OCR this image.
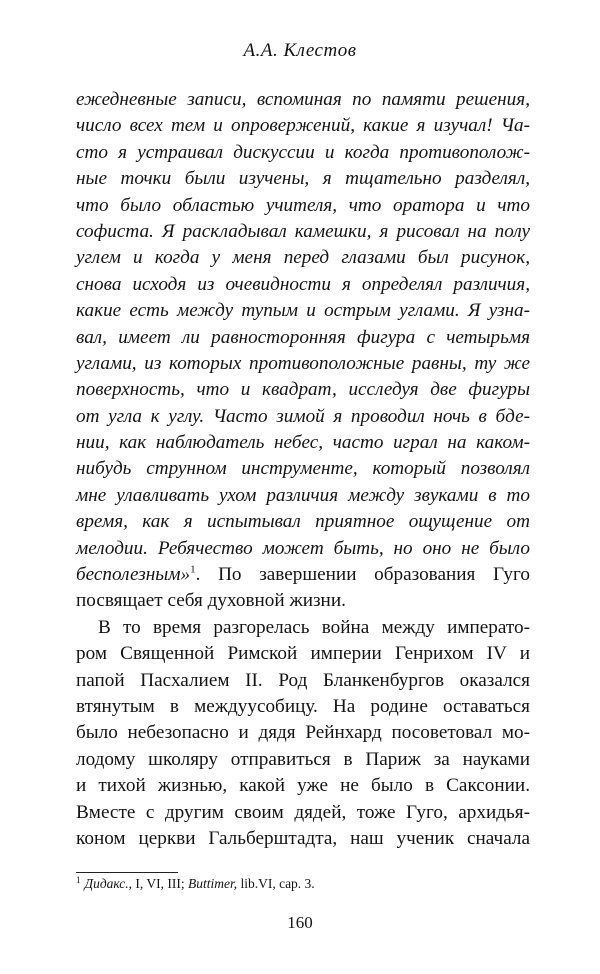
А.А. Клестов
ежедневные записи, вспоминая по памяти решения,
число всех тем и опровержений, какие я изучал! Ча-
сто я устраивал дискуссии и когда противополож-
ные точки были изучены, я тщательно разделял,
что было областью учителя, что оратора и что
софиста. Я раскладывал камешки, я рисовал на полу
углем и когда у меня перед глазами был рисунок,
снова исходя из очевидности я определял различия,
какие есть между тупым и острым углами. Я узна-
вал, имеет ли равносторонняя фигура с четырьмя
углами, из которых противоположные равны, ту же
поверхность, что и квадрат, исследуя две фигуры
от угла к углу. Часто зимой я проводил ночь в бде-
нии, как наблюдатель небес, часто играл на каком-
нибудь струнном инструменте, который позволял
мне улавливать ухом различия между звуками в то
время, как я испытывал приятное ощущение от
мелодии. Ребячество может быть, но оно не было
бесполезным»$^1$. По завершении образования Гуго
посвящает себя духовной жизни.
В то время разгорелась война между императо-
ром Священной Римской империи Генрихом IV и
папой Пасхалием II. Род Бланкенбургов оказался
втянутым в междуусобицу. На родине оставаться
было небезопасно и дядя Рейнхард посоветовал мо-
лодому школяру отправиться в Париж за науками
и тихой жизнью, какой уже не было в Саксонии.
Вместе с другим своим дядей, тоже Гуго, архидья-
коном церкви Гальберштадта, наш ученик сначала
$^1$ Дидакс., I, VI, III; Buttimer, lib.VI, cap. 3.
160
